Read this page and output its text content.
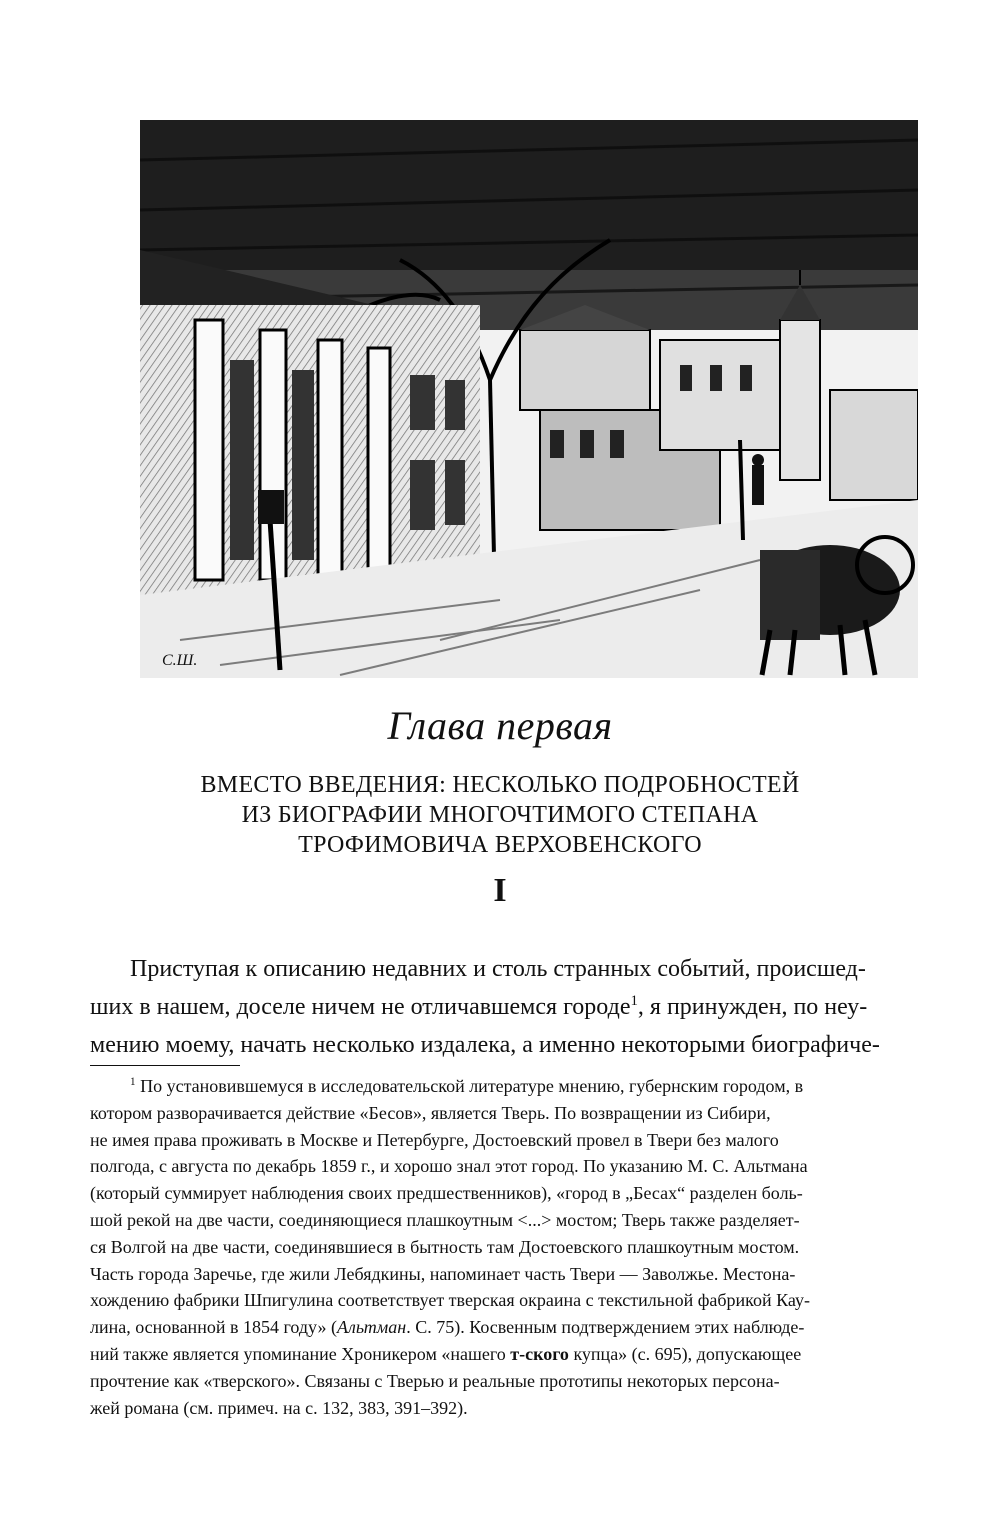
С.Ш.
Глава первая
ВМЕСТО ВВЕДЕНИЯ: НЕСКОЛЬКО ПОДРОБНОСТЕЙ
ИЗ БИОГРАФИИ МНОГОЧТИМОГО СТЕПАНА
ТРОФИМОВИЧА ВЕРХОВЕНСКОГО
I
Приступая к описанию недавних и столь странных событий, происшед-
ших в нашем, доселе ничем не отличавшемся городе$^1$, я принужден, по неу-
мению моему, начать несколько издалека, а именно некоторыми биографиче-
$^1$ По установившемуся в исследовательской литературе мнению, губернским городом, в
котором разворачивается действие «Бесов», является Тверь. По возвращении из Сибири,
не имея права проживать в Москве и Петербурге, Достоевский провел в Твери без малого
полгода, с августа по декабрь 1859 г., и хорошо знал этот город. По указанию М. С. Альтмана
(который суммирует наблюдения своих предшественников), «город в „Бесах“ разделен боль-
шой рекой на две части, соединяющиеся плашкоутным <...> мостом; Тверь также разделяет-
ся Волгой на две части, соединявшиеся в бытность там Достоевского плашкоутным мостом.
Часть города Заречье, где жили Лебядкины, напоминает часть Твери — Заволжье. Местона-
хождению фабрики Шпигулина соответствует тверская окраина с текстильной фабрикой Кау-
лина, основанной в 1854 году» (Альтман. С. 75). Косвенным подтверждением этих наблюде-
ний также является упоминание Хроникером «нашего т-ского купца» (с. 695), допускающее
прочтение как «тверского». Связаны с Тверью и реальные прототипы некоторых персона-
жей романа (см. примеч. на с. 132, 383, 391–392).
